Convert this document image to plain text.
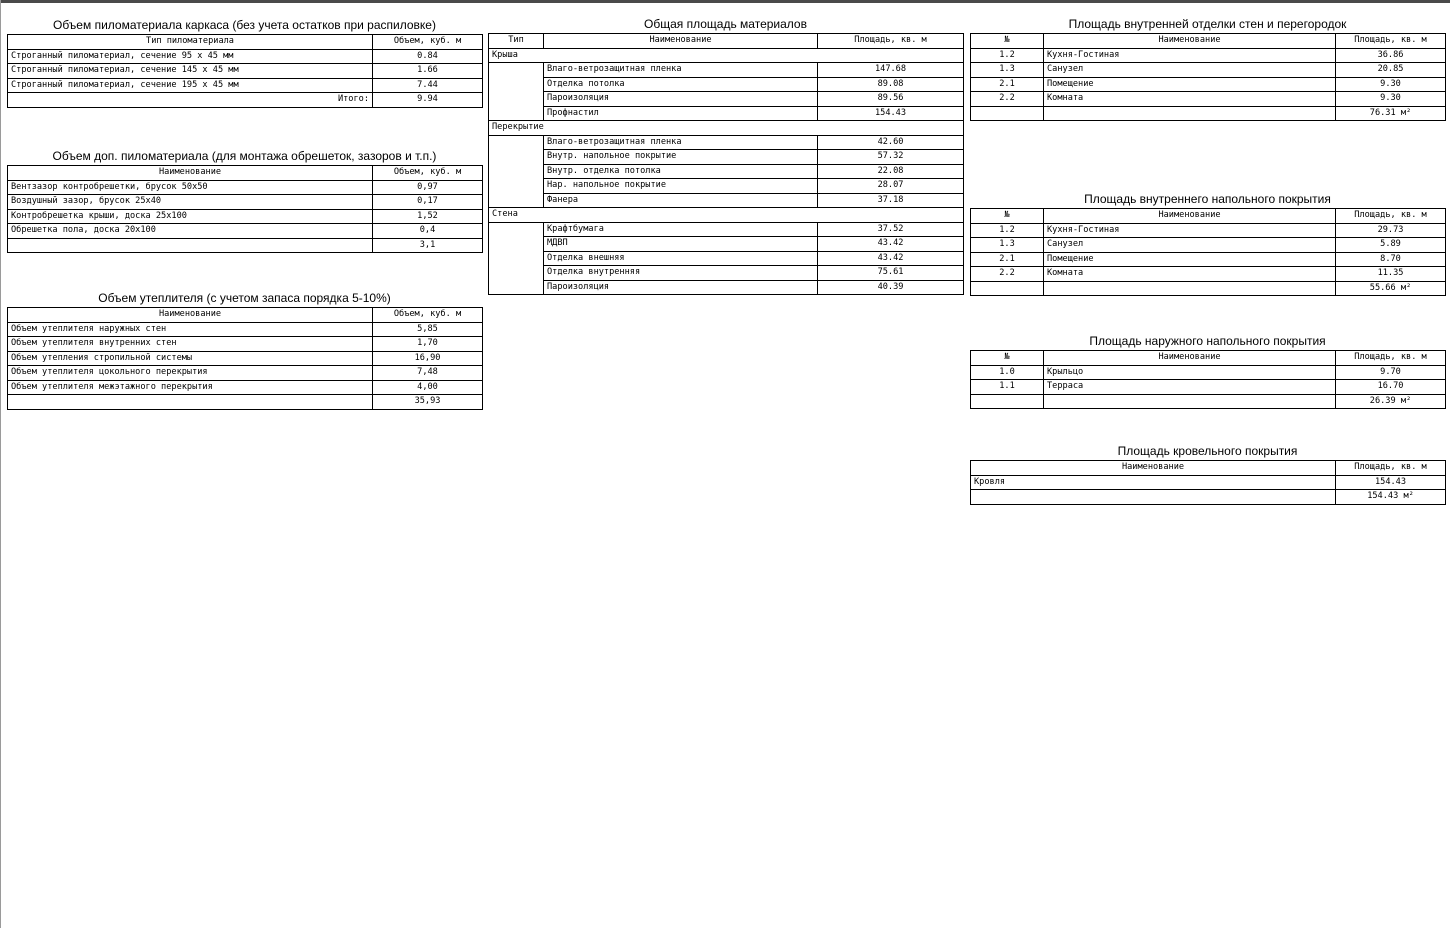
Объем пиломатериала каркаса (без учета остатков при распиловке)
Тип пиломатериала	Объем, куб. м
Строганный пиломатериал, сечение 95 х 45 мм	0.84
Строганный пиломатериал, сечение 145 х 45 мм	1.66
Строганный пиломатериал, сечение 195 х 45 мм	7.44
Итого:	9.94
Объем доп. пиломатериала (для монтажа обрешеток, зазоров и т.п.)
Наименование	Объем, куб. м
Вентзазор контробрешетки, брусок 50х50	0,97
Воздушный зазор, брусок 25х40	0,17
Контробрешетка крыши, доска 25х100	1,52
Обрешетка пола, доска 20х100	0,4
	3,1
Объем утеплителя (с учетом запаса порядка 5-10%)
Наименование	Объем, куб. м
Объем утеплителя наружных стен	5,85
Объем утеплителя внутренних стен	1,70
Объем утепления стропильной системы	16,90
Объем утеплителя цокольного перекрытия	7,48
Объем утеплителя межэтажного перекрытия	4,00
	35,93
Общая площадь материалов
Тип	Наименование	Площадь, кв. м
Крыша		
	Влаго-ветрозащитная пленка	147.68
	Отделка потолка	89.08
	Пароизоляция	89.56
	Профнастил	154.43
Перекрытие		
	Влаго-ветрозащитная пленка	42.60
	Внутр. напольное покрытие	57.32
	Внутр. отделка потолка	22.08
	Нар. напольное покрытие	28.07
	Фанера	37.18
Стена		
	Крафтбумага	37.52
	МДВП	43.42
	Отделка внешняя	43.42
	Отделка внутренняя	75.61
	Пароизоляция	40.39
Площадь внутренней отделки стен и перегородок
№	Наименование	Площадь, кв. м
1.2	Кухня-Гостиная	36.86
1.3	Санузел	20.85
2.1	Помещение	9.30
2.2	Комната	9.30
		76.31 м²
Площадь внутреннего напольного покрытия
№	Наименование	Площадь, кв. м
1.2	Кухня-Гостиная	29.73
1.3	Санузел	5.89
2.1	Помещение	8.70
2.2	Комната	11.35
		55.66 м²
Площадь наружного напольного покрытия
№	Наименование	Площадь, кв. м
1.0	Крыльцо	9.70
1.1	Терраса	16.70
		26.39 м²
Площадь кровельного покрытия
Наименование	Площадь, кв. м
Кровля	154.43
	154.43 м²
